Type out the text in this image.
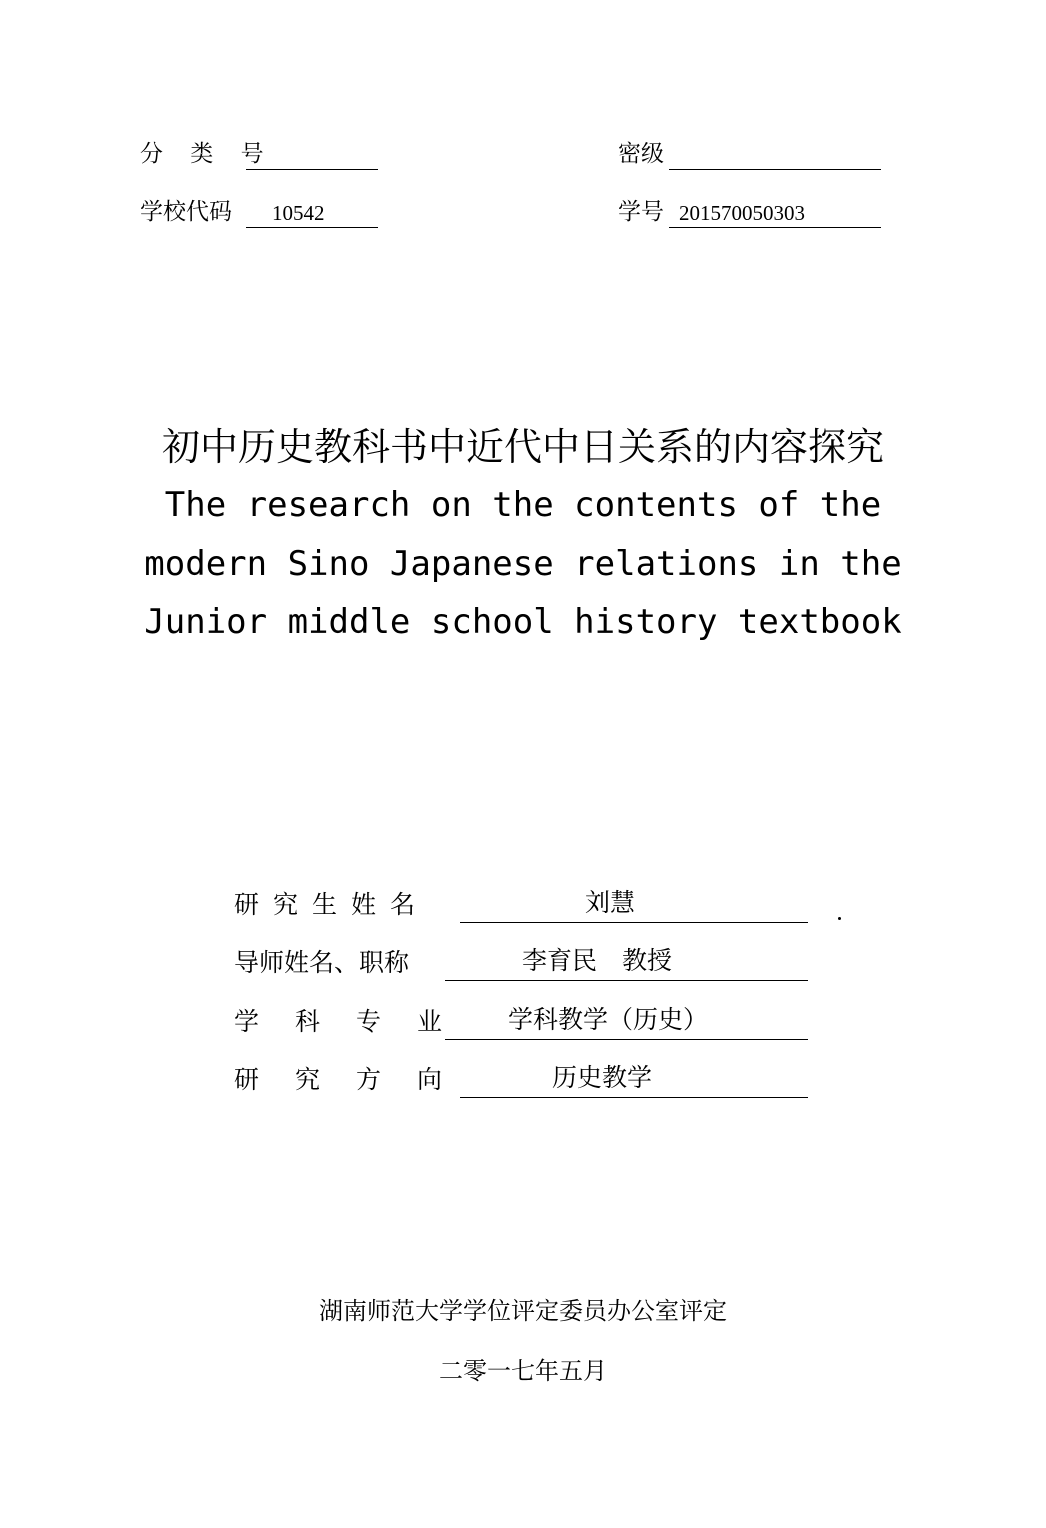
分 类 号	密级
学校代码 10542	学号 201570050303
初中历史教科书中近代中日关系的内容探究
The research on the contents of the
modern Sino Japanese relations in the
Junior middle school history textbook
研究生姓名	刘慧
导师姓名、职称	李育民　教授
学科专业 学科教学（历史）
研究方向	历史教学
湖南师范大学学位评定委员办公室评定
二零一七年五月
